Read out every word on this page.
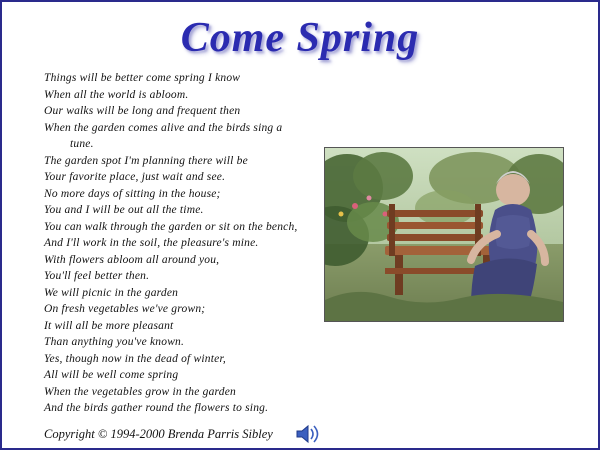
Come Spring
Things will be better come spring I know
When all the world is abloom.
Our walks will be long and frequent then
When the garden comes alive and the birds sing a
tune.
The garden spot I'm planning there will be
Your favorite place, just wait and see.
No more days of sitting in the house;
You and I will be out all the time.
You can walk through the garden or sit on the bench,
And I'll work in the soil, the pleasure's mine.
With flowers abloom all around you,
You'll feel better then.
We will picnic in the garden
On fresh vegetables we've grown;
It will all be more pleasant
Than anything you've known.
Yes, though now in the dead of winter,
All will be well come spring
When the vegetables grow in the garden
And the birds gather round the flowers to sing.
Copyright © 1994-2000 Brenda Parris Sibley
